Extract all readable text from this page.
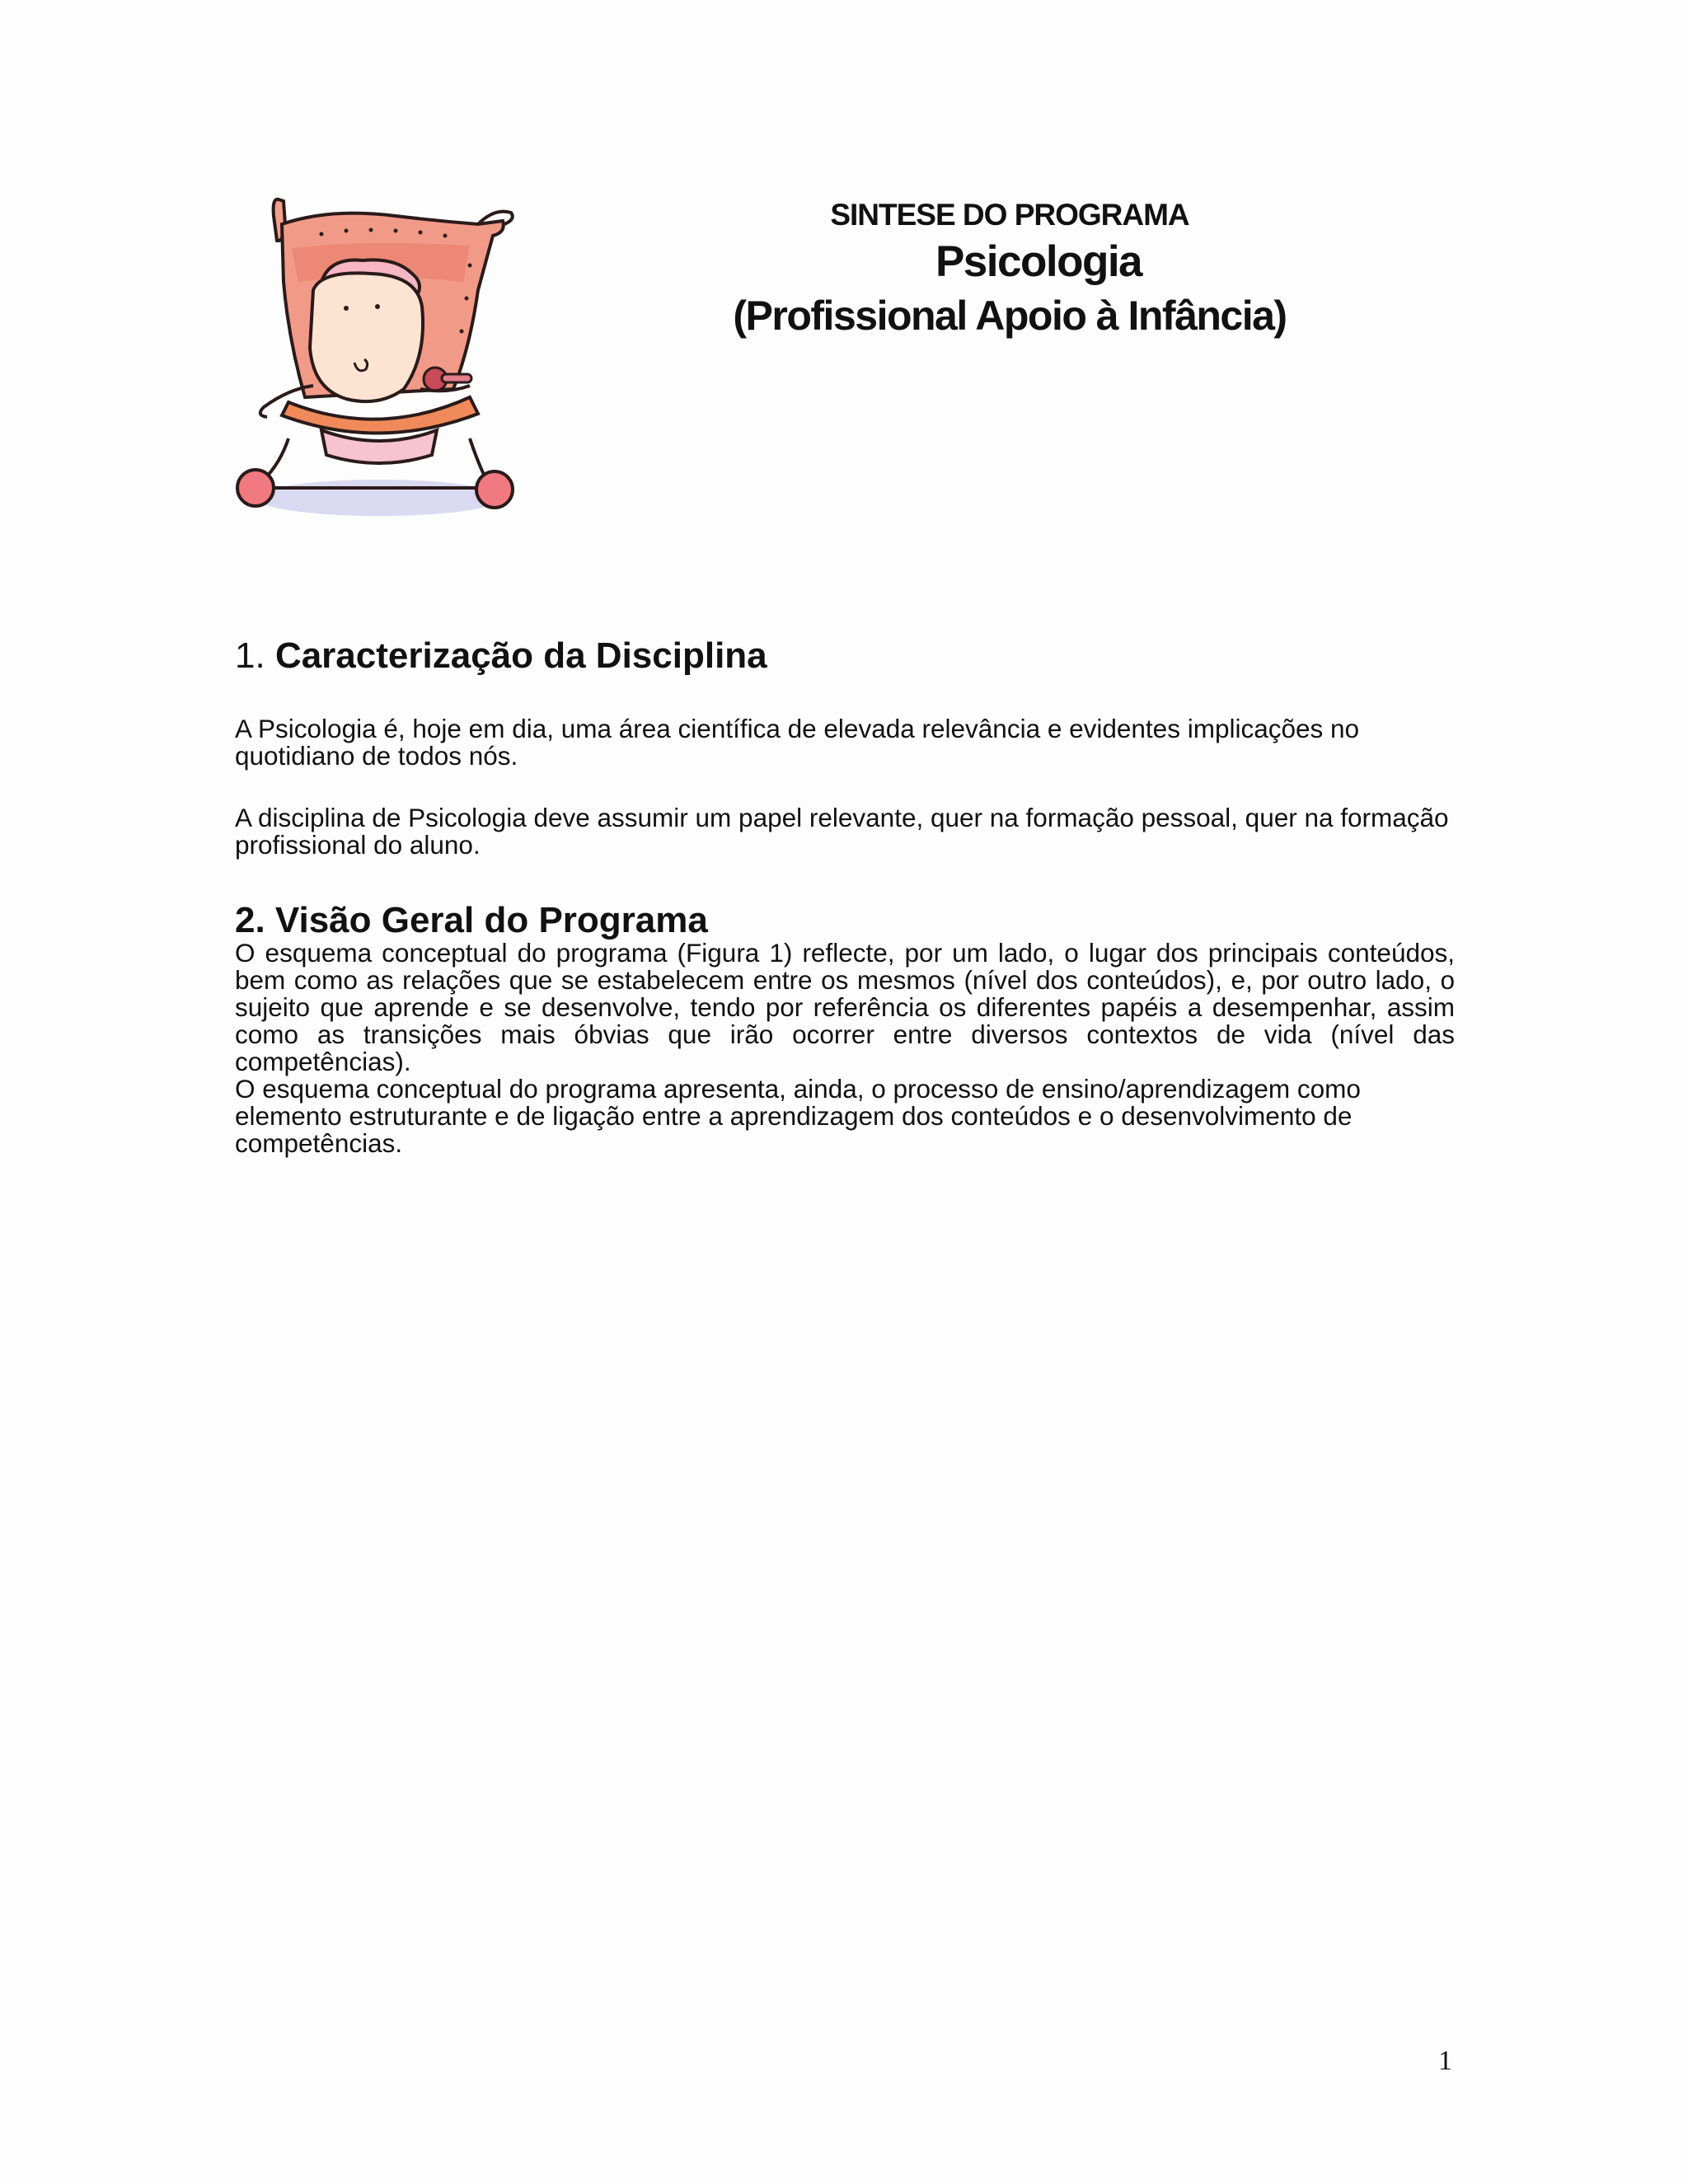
SINTESE DO PROGRAMA
Psicologia
(Profissional Apoio à Infância)
1. Caracterização da Disciplina

A Psicologia é, hoje em dia, uma área científica de elevada relevância e evidentes implicações no quotidiano de todos nós.

A disciplina de Psicologia deve assumir um papel relevante, quer na formação pessoal, quer na formação profissional do aluno.

2. Visão Geral do Programa

O esquema conceptual do programa (Figura 1) reflecte, por um lado, o lugar dos principais conteúdos, bem como as relações que se estabelecem entre os mesmos (nível dos conteúdos), e, por outro lado, o sujeito que aprende e se desenvolve, tendo por referência os diferentes papéis a desempenhar, assim como as transições mais óbvias que irão ocorrer entre diversos contextos de vida (nível das competências).

O esquema conceptual do programa apresenta, ainda, o processo de ensino/aprendizagem como elemento estruturante e de ligação entre a aprendizagem dos conteúdos e o desenvolvimento de competências.

1
